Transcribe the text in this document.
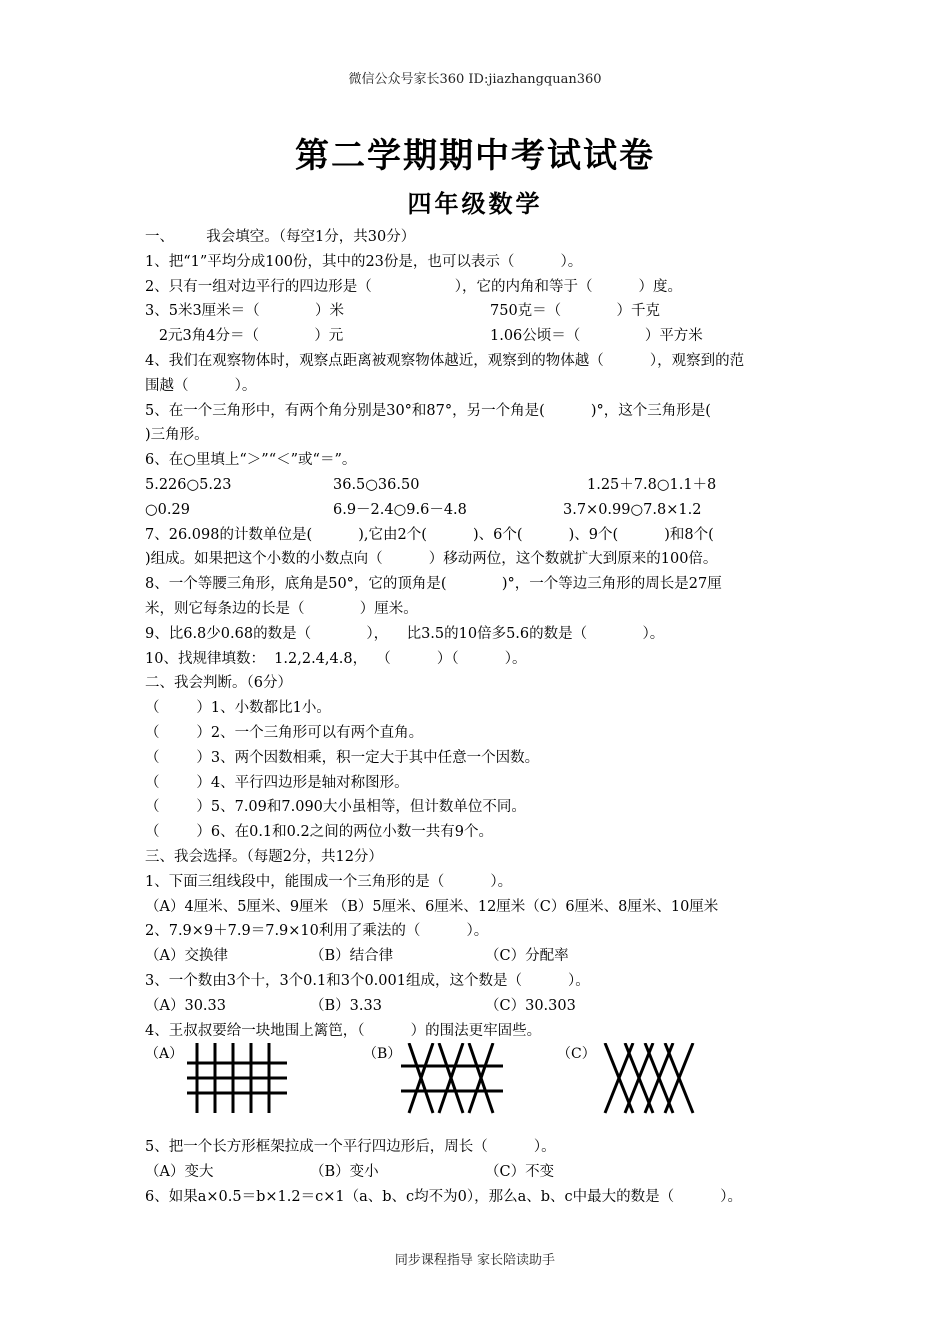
微信公众号家长360 ID:jiazhangquan360
第二学期期中考试试卷
四年级数学
一、       我会填空。（每空1分，共30分）
1、把“1”平均分成100份，其中的23份是，也可以表示（          ）。
2、只有一组对边平行的四边形是（                  ），它的内角和等于（          ）度。
3、5米3厘米＝（            ）米	750克＝（            ）千克
2元3角4分＝（            ）元	1.06公顷＝（              ）平方米
4、我们在观察物体时，观察点距离被观察物体越近，观察到的物体越（          ），观察到的范
围越（          ）。
5、在一个三角形中，有两个角分别是30°和87°，另一个角是(          )°，这个三角形是(
)三角形。
6、在○里填上“＞”“＜”或“＝”。
5.226○5.23	36.5○36.50	1.25＋7.8○1.1＋8
○0.29	6.9－2.4○9.6－4.8	3.7×0.99○7.8×1.2
7、26.098的计数单位是(          ),它由2个(          )、6个(          )、9个(          )和8个(
)组成。如果把这个小数的小数点向（          ）移动两位，这个数就扩大到原来的100倍。
8、一个等腰三角形，底角是50°，它的顶角是(            )°，一个等边三角形的周长是27厘
米，则它每条边的长是（            ）厘米。
9、比6.8少0.68的数是（            ），    比3.5的10倍多5.6的数是（            ）。
10、找规律填数：  1.2,2.4,4.8，  （          ）（          ）。
二、我会判断。（6分）
（        ）1、小数都比1小。
（        ）2、一个三角形可以有两个直角。
（        ）3、两个因数相乘，积一定大于其中任意一个因数。
（        ）4、平行四边形是轴对称图形。
（        ）5、7.09和7.090大小虽相等，但计数单位不同。
（        ）6、在0.1和0.2之间的两位小数一共有9个。
三、我会选择。（每题2分，共12分）
1、下面三组线段中，能围成一个三角形的是（          ）。
（A）4厘米、5厘米、9厘米 （B）5厘米、6厘米、12厘米（C）6厘米、8厘米、10厘米
2、7.9×9＋7.9＝7.9×10利用了乘法的（          ）。
（A）交换律	（B）结合律	（C）分配率
3、一个数由3个十，3个0.1和3个0.001组成，这个数是（          ）。
（A）30.33	（B）3.33	（C）30.303
4、王叔叔要给一块地围上篱笆，（          ）的围法更牢固些。
（A）	（B）	（C）
5、把一个长方形框架拉成一个平行四边形后，周长（          ）。
（A）变大	（B）变小	（C）不变
6、如果a×0.5＝b×1.2＝c×1（a、b、c均不为0），那么a、b、c中最大的数是（          ）。
同步课程指导 家长陪读助手
